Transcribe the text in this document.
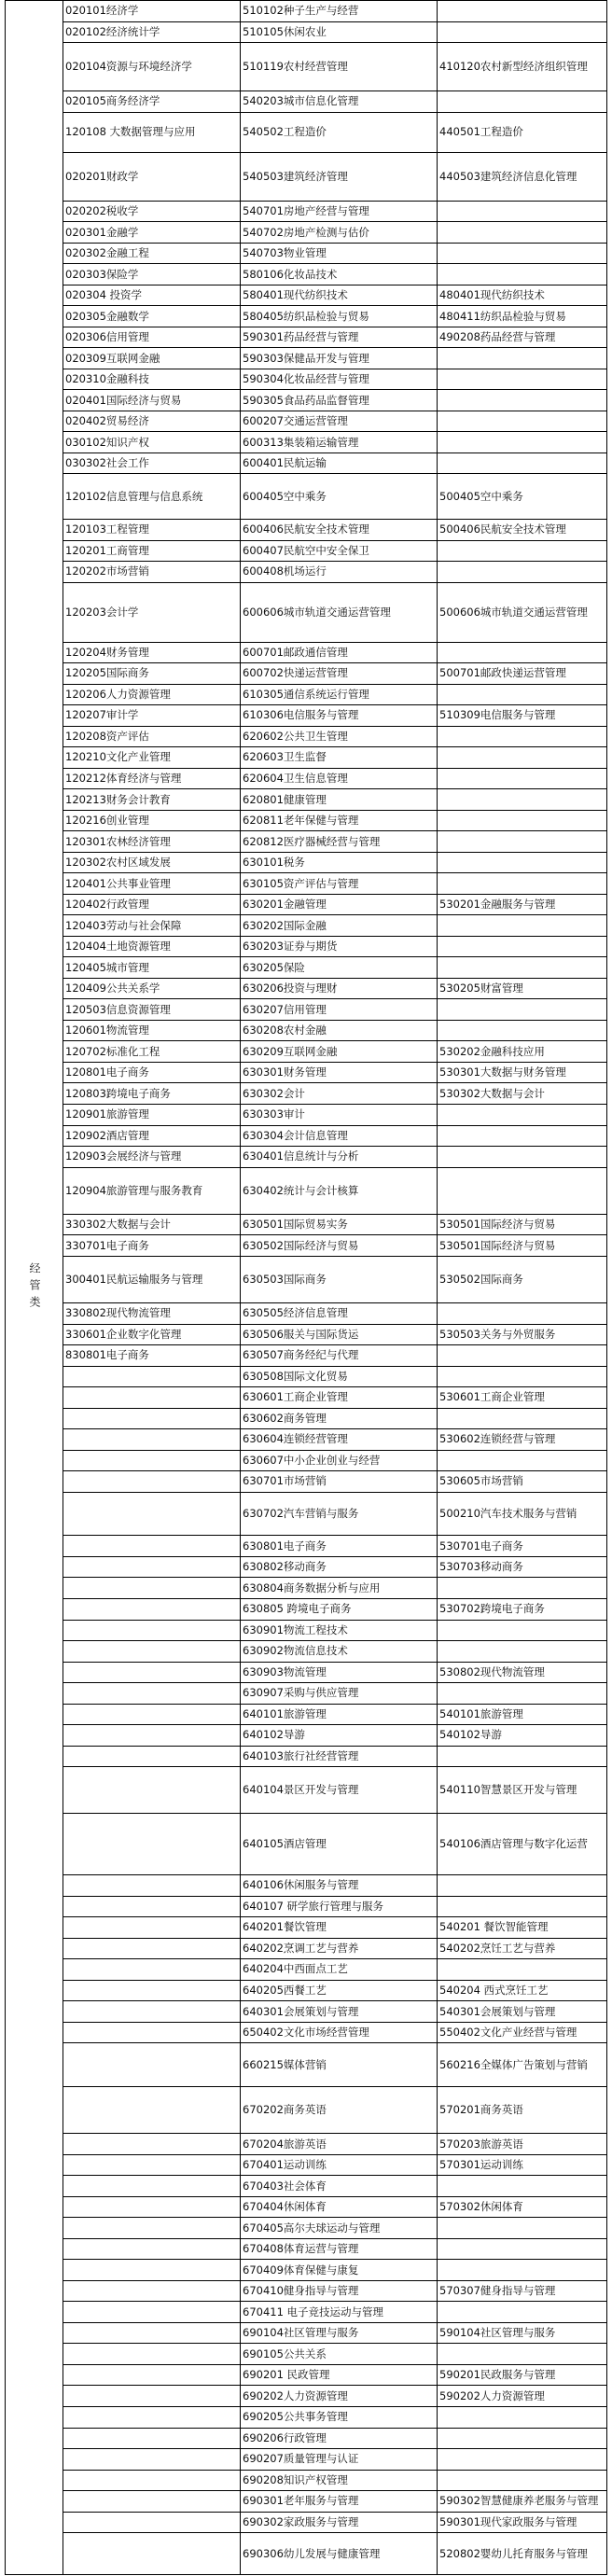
经管类	020101经济学	510102种子生产与经营	
	020102经济统计学	510105休闲农业	
	020104资源与环境经济学	510119农村经营管理	410120农村新型经济组织管理
	020105商务经济学	540203城市信息化管理	
	120108 大数据管理与应用	540502工程造价	440501工程造价
	020201财政学	540503建筑经济管理	440503建筑经济信息化管理
	020202税收学	540701房地产经营与管理	
	020301金融学	540702房地产检测与估价	
	020302金融工程	540703物业管理	
	020303保险学	580106化妆品技术	
	020304 投资学	580401现代纺织技术	480401现代纺织技术
	020305金融数学	580405纺织品检验与贸易	480411纺织品检验与贸易
	020306信用管理	590301药品经营与管理	490208药品经营与管理
	020309互联网金融	590303保健品开发与管理	
	020310金融科技	590304化妆品经营与管理	
	020401国际经济与贸易	590305食品药品监督管理	
	020402贸易经济	600207交通运营管理	
	030102知识产权	600313集装箱运输管理	
	030302社会工作	600401民航运输	
	120102信息管理与信息系统	600405空中乘务	500405空中乘务
	120103工程管理	600406民航安全技术管理	500406民航安全技术管理
	120201工商管理	600407民航空中安全保卫	
	120202市场营销	600408机场运行	
	120203会计学	600606城市轨道交通运营管理	500606城市轨道交通运营管理
	120204财务管理	600701邮政通信管理	
	120205国际商务	600702快递运营管理	500701邮政快递运营管理
	120206人力资源管理	610305通信系统运行管理	
	120207审计学	610306电信服务与管理	510309电信服务与管理
	120208资产评估	620602公共卫生管理	
	120210文化产业管理	620603卫生监督	
	120212体育经济与管理	620604卫生信息管理	
	120213财务会计教育	620801健康管理	
	120216创业管理	620811老年保健与管理	
	120301农林经济管理	620812医疗器械经营与管理	
	120302农村区域发展	630101税务	
	120401公共事业管理	630105资产评估与管理	
	120402行政管理	630201金融管理	530201金融服务与管理
	120403劳动与社会保障	630202国际金融	
	120404土地资源管理	630203证券与期货	
	120405城市管理	630205保险	
	120409公共关系学	630206投资与理财	530205财富管理
	120503信息资源管理	630207信用管理	
	120601物流管理	630208农村金融	
	120702标准化工程	630209互联网金融	530202金融科技应用
	120801电子商务	630301财务管理	530301大数据与财务管理
	120803跨境电子商务	630302会计	530302大数据与会计
	120901旅游管理	630303审计	
	120902酒店管理	630304会计信息管理	
	120903会展经济与管理	630401信息统计与分析	
	120904旅游管理与服务教育	630402统计与会计核算	
	330302大数据与会计	630501国际贸易实务	530501国际经济与贸易
	330701电子商务	630502国际经济与贸易	530501国际经济与贸易
	300401民航运输服务与管理	630503国际商务	530502国际商务
	330802现代物流管理	630505经济信息管理	
	330601企业数字化管理	630506服关与国际货运	530503关务与外贸服务
	830801电子商务	630507商务经纪与代理	
		630508国际文化贸易	
		630601工商企业管理	530601工商企业管理
		630602商务管理	
		630604连锁经营管理	530602连锁经营与管理
		630607中小企业创业与经营	
		630701市场营销	530605市场营销
		630702汽车营销与服务	500210汽车技术服务与营销
		630801电子商务	530701电子商务
		630802移动商务	530703移动商务
		630804商务数据分析与应用	
		630805 跨境电子商务	530702跨境电子商务
		630901物流工程技术	
		630902物流信息技术	
		630903物流管理	530802现代物流管理
		630907采购与供应管理	
		640101旅游管理	540101旅游管理
		640102导游	540102导游
		640103旅行社经营管理	
		640104景区开发与管理	540110智慧景区开发与管理
		640105酒店管理	540106酒店管理与数字化运营
		640106休闲服务与管理	
		640107 研学旅行管理与服务	
		640201餐饮管理	540201 餐饮智能管理
		640202烹调工艺与营养	540202烹饪工艺与营养
		640204中西面点工艺	
		640205西餐工艺	540204 西式烹饪工艺
		640301会展策划与管理	540301会展策划与管理
		650402文化市场经营管理	550402文化产业经营与管理
		660215媒体营销	560216全媒体广告策划与营销
		670202商务英语	570201商务英语
		670204旅游英语	570203旅游英语
		670401运动训练	570301运动训练
		670403社会体育	
		670404休闲体育	570302休闲体育
		670405高尔夫球运动与管理	
		670408体育运营与管理	
		670409体育保健与康复	
		670410健身指导与管理	570307健身指导与管理
		670411 电子竞技运动与管理	
		690104社区管理与服务	590104社区管理与服务
		690105公共关系	
		690201 民政管理	590201民政服务与管理
		690202人力资源管理	590202人力资源管理
		690205公共事务管理	
		690206行政管理	
		690207质量管理与认证	
		690208知识产权管理	
		690301老年服务与管理	590302智慧健康养老服务与管理
		690302家政服务与管理	590301现代家政服务与管理
		690306幼儿发展与健康管理	520802婴幼儿托育服务与管理
